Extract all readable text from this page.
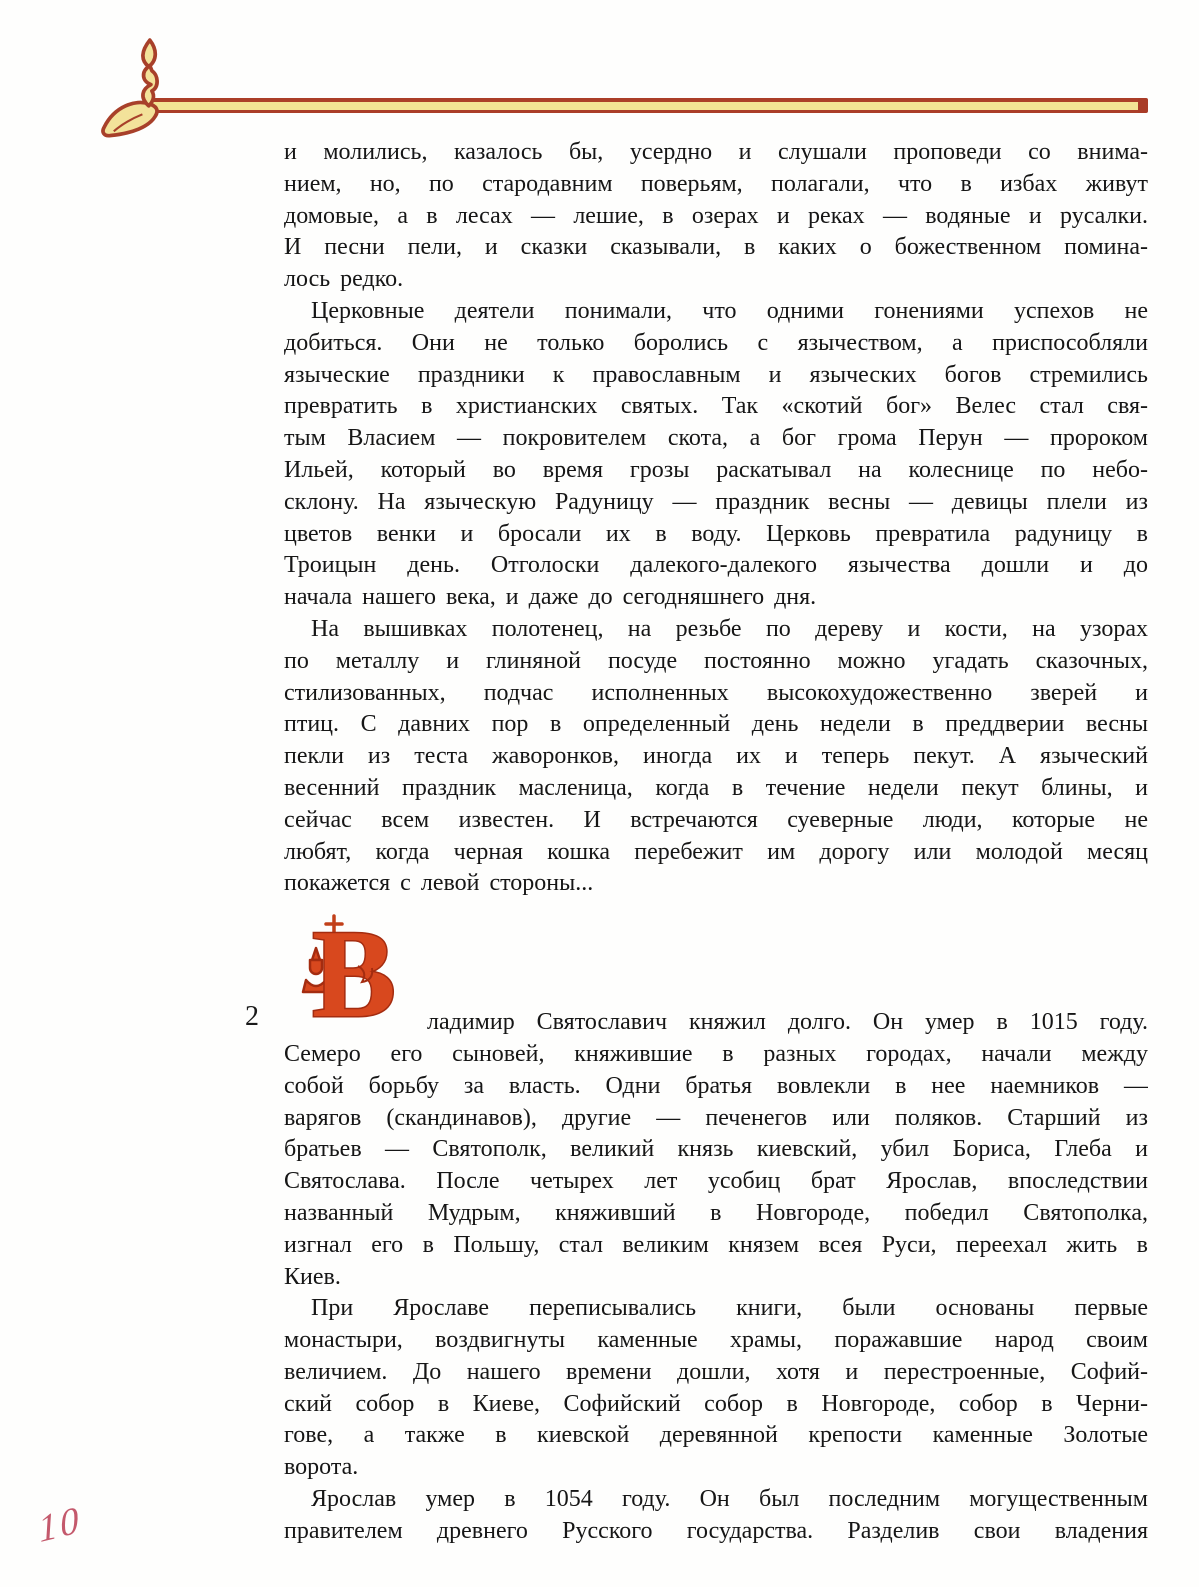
и молились, казалось бы, усердно и слушали проповеди со внима-
нием, но, по стародавним поверьям, полагали, что в избах живут
домовые, а в лесах — лешие, в озерах и реках — водяные и русалки.
И песни пели, и сказки сказывали, в каких о божественном помина-
лось редко.
Церковные деятели понимали, что одними гонениями успехов не
добиться. Они не только боролись с язычеством, а приспособляли
языческие праздники к православным и языческих богов стремились
превратить в христианских святых. Так «скотий бог» Велес стал свя-
тым Власием — покровителем скота, а бог грома Перун — пророком
Ильей, который во время грозы раскатывал на колеснице по небо-
склону. На языческую Радуницу — праздник весны — девицы плели из
цветов венки и бросали их в воду. Церковь превратила радуницу в
Троицын день. Отголоски далекого-далекого язычества дошли и до
начала нашего века, и даже до сегодняшнего дня.
На вышивках полотенец, на резьбе по дереву и кости, на узорах
по металлу и глиняной посуде постоянно можно угадать сказочных,
стилизованных, подчас исполненных высокохудожественно зверей и
птиц. С давних пор в определенный день недели в преддверии весны
пекли из теста жаворонков, иногда их и теперь пекут. А языческий
весенний праздник масленица, когда в течение недели пекут блины, и
сейчас всем известен. И встречаются суеверные люди, которые не
любят, когда черная кошка перебежит им дорогу или молодой месяц
покажется с левой стороны...
ладимир Святославич княжил долго. Он умер в 1015 году.
Семеро его сыновей, княжившие в разных городах, начали между
собой борьбу за власть. Одни братья вовлекли в нее наемников —
варягов (скандинавов), другие — печенегов или поляков. Старший из
братьев — Святополк, великий князь киевский, убил Бориса, Глеба и
Святослава. После четырех лет усобиц брат Ярослав, впоследствии
названный Мудрым, княживший в Новгороде, победил Святополка,
изгнал его в Польшу, стал великим князем всея Руси, переехал жить в
Киев.
При Ярославе переписывались книги, были основаны первые
монастыри, воздвигнуты каменные храмы, поражавшие народ своим
величием. До нашего времени дошли, хотя и перестроенные, Софий-
ский собор в Киеве, Софийский собор в Новгороде, собор в Черни-
гове, а также в киевской деревянной крепости каменные Золотые
ворота.
Ярослав умер в 1054 году. Он был последним могущественным
правителем древнего Русского государства. Разделив свои владения
2 В
10
